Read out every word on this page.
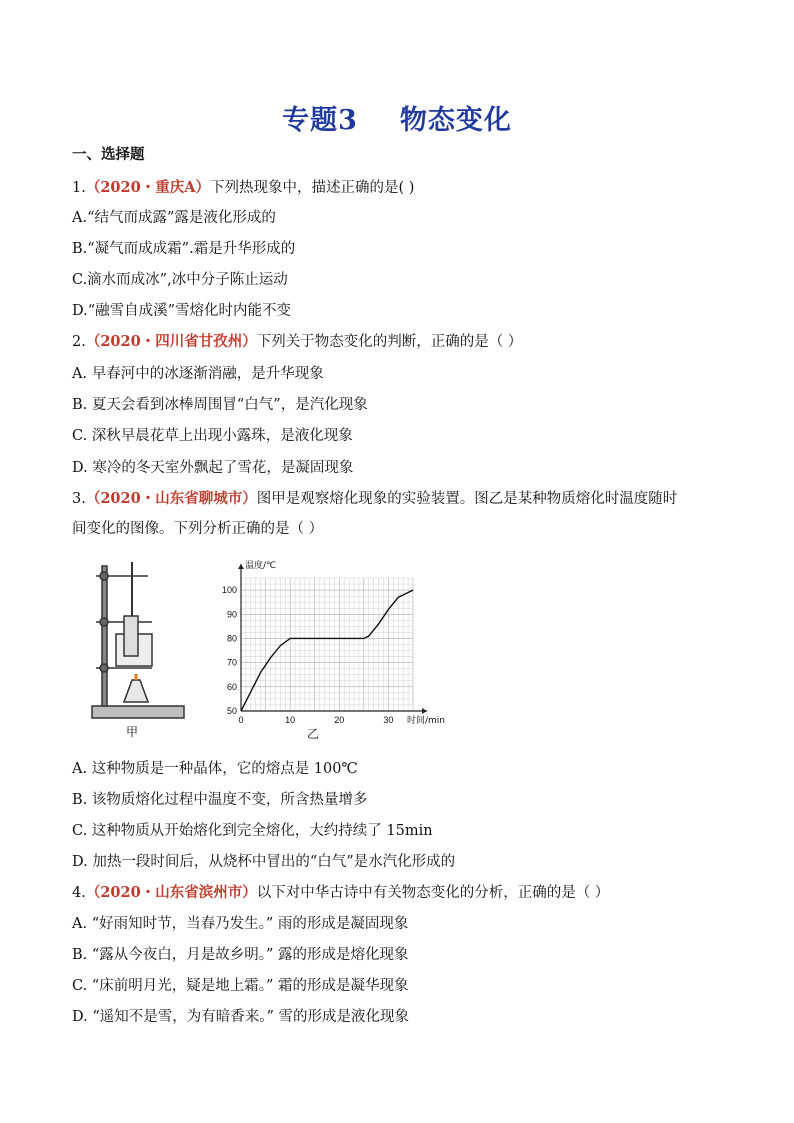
专题3 物态变化
一、选择题
1.（2020・重庆A）下列热现象中，描述正确的是( )
A.“结气而成露”露是液化形成的
B.“凝气而成成霜”.霜是升华形成的
C.滴水而成冰”,冰中分子陈止运动
D.“融雪自成溪”雪熔化时内能不变
2.（2020・四川省甘孜州）下列关于物态变化的判断，正确的是（ ）
A. 早春河中的冰逐渐消融，是升华现象
B. 夏天会看到冰棒周围冒“白气”，是汽化现象
C. 深秋早晨花草上出现小露珠，是液化现象
D. 寒冷的冬天室外飘起了雪花，是凝固现象
3.（2020・山东省聊城市）图甲是观察熔化现象的实验装置。图乙是某种物质熔化时温度随时
间变化的图像。下列分析正确的是（ ）
甲
0	10	20	30
50
60
70
80
90
100
温度/℃
时间/min
乙
A. 这种物质是一种晶体，它的熔点是 100℃
B. 该物质熔化过程中温度不变，所含热量增多
C. 这种物质从开始熔化到完全熔化，大约持续了 15min
D. 加热一段时间后，从烧杯中冒出的“白气”是水汽化形成的
4.（2020・山东省滨州市）以下对中华古诗中有关物态变化的分析，正确的是（ ）
A. “好雨知时节，当春乃发生。” 雨的形成是凝固现象
B. “露从今夜白，月是故乡明。” 露的形成是熔化现象
C. “床前明月光，疑是地上霜。” 霜的形成是凝华现象
D. “遥知不是雪，为有暗香来。” 雪的形成是液化现象
